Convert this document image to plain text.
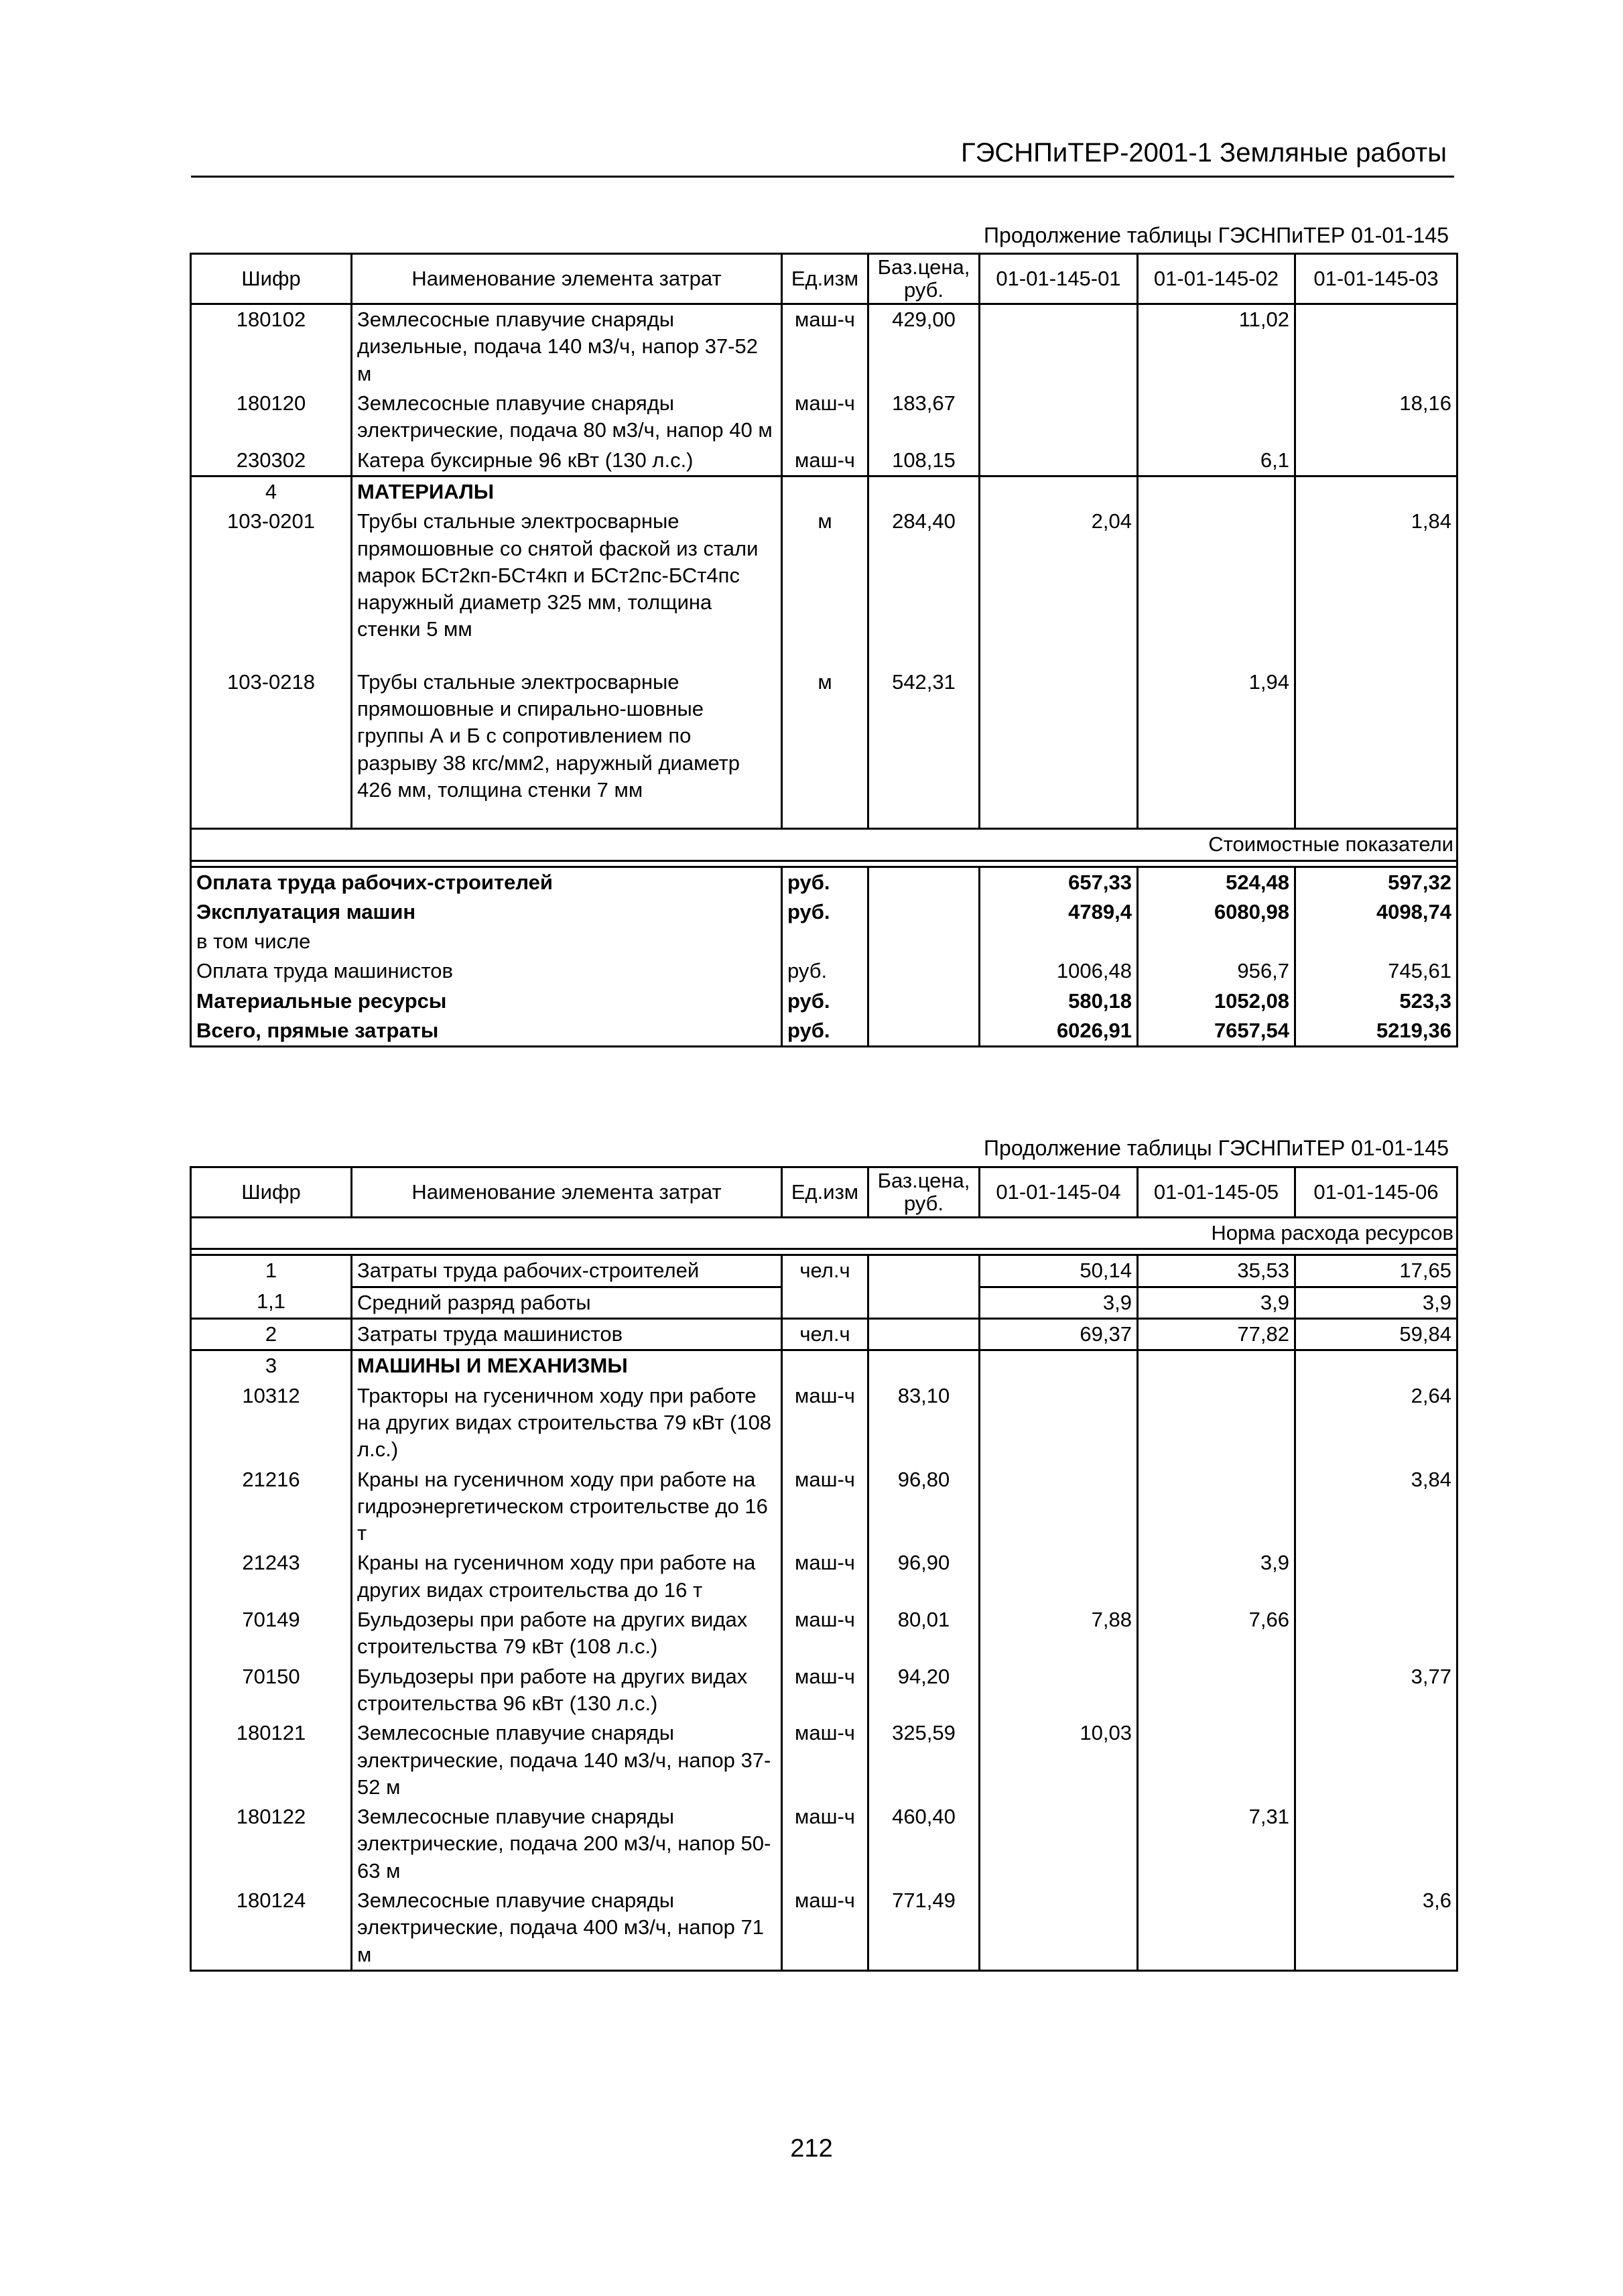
ГЭСНПиТЕР-2001-1 Земляные работы
Продолжение таблицы ГЭСНПиТЕР 01-01-145
Шифр	Наименование элемента затрат	Ед.изм	Баз.цена, руб.	01-01-145-01	01-01-145-02	01-01-145-03
180102	Землесосные плавучие снаряды дизельные, подача 140 м3/ч, напор 37-52 м	маш-ч	429,00		11,02	
180120	Землесосные плавучие снаряды электрические, подача 80 м3/ч, напор 40 м	маш-ч	183,67			18,16
230302	Катера буксирные 96 кВт (130 л.с.)	маш-ч	108,15		6,1	
4	МАТЕРИАЛЫ					
103-0201	Трубы стальные электросварные прямошовные со снятой фаской из стали марок БСт2кп-БСт4кп и БСт2пс-БСт4пс наружный диаметр 325 мм, толщина стенки 5 мм	м	284,40	2,04		1,84

103-0218	Трубы стальные электросварные прямошовные и спирально-шовные группы А и Б с сопротивлением по разрыву 38 кгс/мм2, наружный диаметр 426 мм, толщина стенки 7 мм	м	542,31		1,94	

Стоимостные показатели						

Оплата труда рабочих-строителей		руб.		657,33	524,48	597,32
Эксплуатация машин		руб.		4789,4	6080,98	4098,74
в том числе						
Оплата труда машинистов		руб.		1006,48	956,7	745,61
Материальные ресурсы		руб.		580,18	1052,08	523,3
Всего, прямые затраты		руб.		6026,91	7657,54	5219,36
Продолжение таблицы ГЭСНПиТЕР 01-01-145
Шифр	Наименование элемента затрат	Ед.изм	Баз.цена, руб.	01-01-145-04	01-01-145-05	01-01-145-06
Норма расхода ресурсов						

1	Затраты труда рабочих-строителей	чел.ч		50,14	35,53	17,65
1,1	Средний разряд работы			3,9	3,9	3,9
2	Затраты труда машинистов	чел.ч		69,37	77,82	59,84
3	МАШИНЫ И МЕХАНИЗМЫ					
10312	Тракторы на гусеничном ходу при работе на других видах строительства 79 кВт (108 л.с.)	маш-ч	83,10			2,64
21216	Краны на гусеничном ходу при работе на гидроэнергетическом строительстве до 16 т	маш-ч	96,80			3,84
21243	Краны на гусеничном ходу при работе на других видах строительства до 16 т	маш-ч	96,90		3,9	
70149	Бульдозеры при работе на других видах строительства 79 кВт (108 л.с.)	маш-ч	80,01	7,88	7,66	
70150	Бульдозеры при работе на других видах строительства 96 кВт (130 л.с.)	маш-ч	94,20			3,77
180121	Землесосные плавучие снаряды электрические, подача 140 м3/ч, напор 37-52 м	маш-ч	325,59	10,03		
180122	Землесосные плавучие снаряды электрические, подача 200 м3/ч, напор 50-63 м	маш-ч	460,40		7,31	
180124	Землесосные плавучие снаряды электрические, подача 400 м3/ч, напор 71 м	маш-ч	771,49			3,6
212
